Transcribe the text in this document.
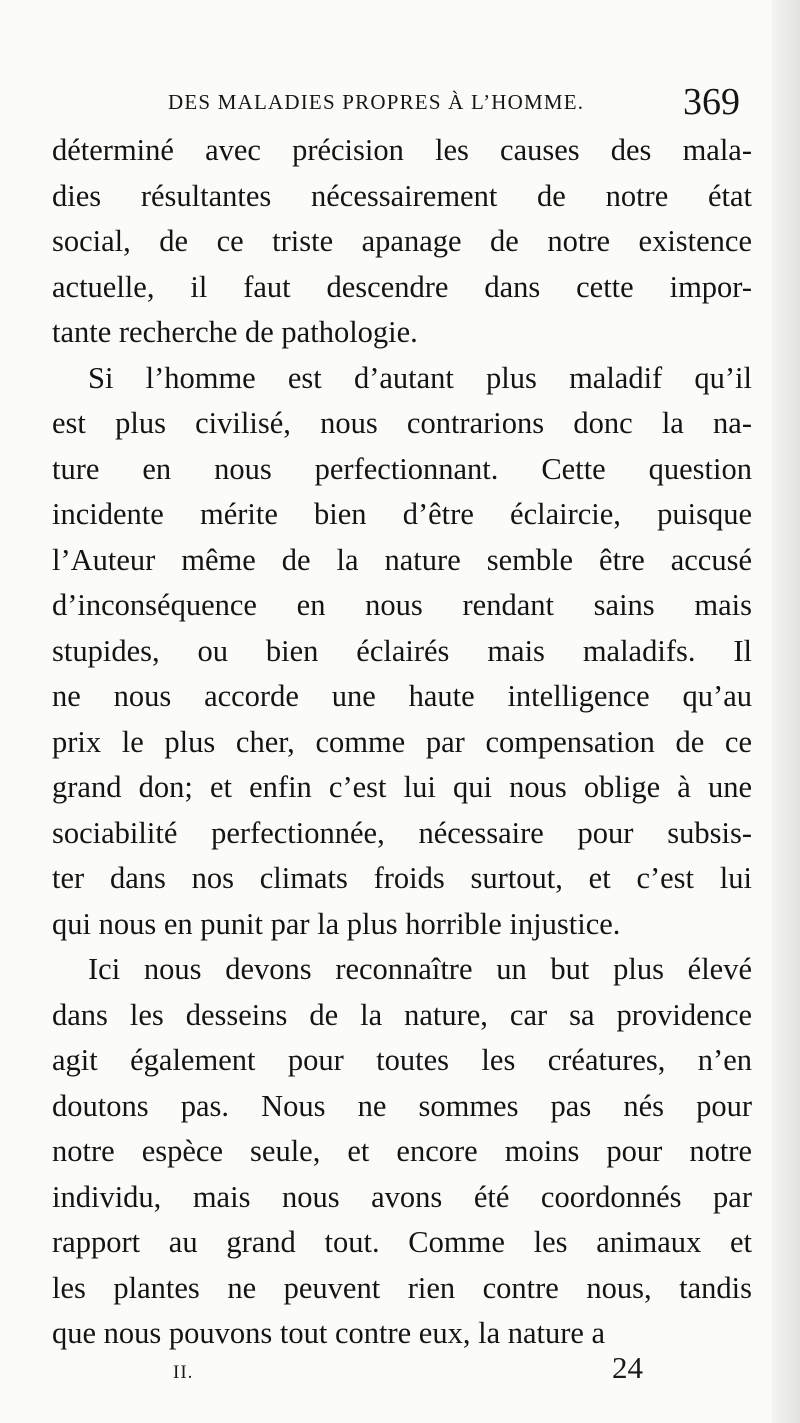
DES MALADIES PROPRES À L’HOMME.	369
déterminé avec précision les causes des mala-
dies résultantes nécessairement de notre état
social, de ce triste apanage de notre existence
actuelle, il faut descendre dans cette impor-
tante recherche de pathologie.
Si l’homme est d’autant plus maladif qu’il
est plus civilisé, nous contrarions donc la na-
ture en nous perfectionnant. Cette question
incidente mérite bien d’être éclaircie, puisque
l’Auteur même de la nature semble être accusé
d’inconséquence en nous rendant sains mais
stupides, ou bien éclairés mais maladifs. Il
ne nous accorde une haute intelligence qu’au
prix le plus cher, comme par compensation de ce
grand don; et enfin c’est lui qui nous oblige à une
sociabilité perfectionnée, nécessaire pour subsis-
ter dans nos climats froids surtout, et c’est lui
qui nous en punit par la plus horrible injustice.
Ici nous devons reconnaître un but plus élevé
dans les desseins de la nature, car sa providence
agit également pour toutes les créatures, n’en
doutons pas. Nous ne sommes pas nés pour
notre espèce seule, et encore moins pour notre
individu, mais nous avons été coordonnés par
rapport au grand tout. Comme les animaux et
les plantes ne peuvent rien contre nous, tandis
que nous pouvons tout contre eux, la nature a
II.	24
